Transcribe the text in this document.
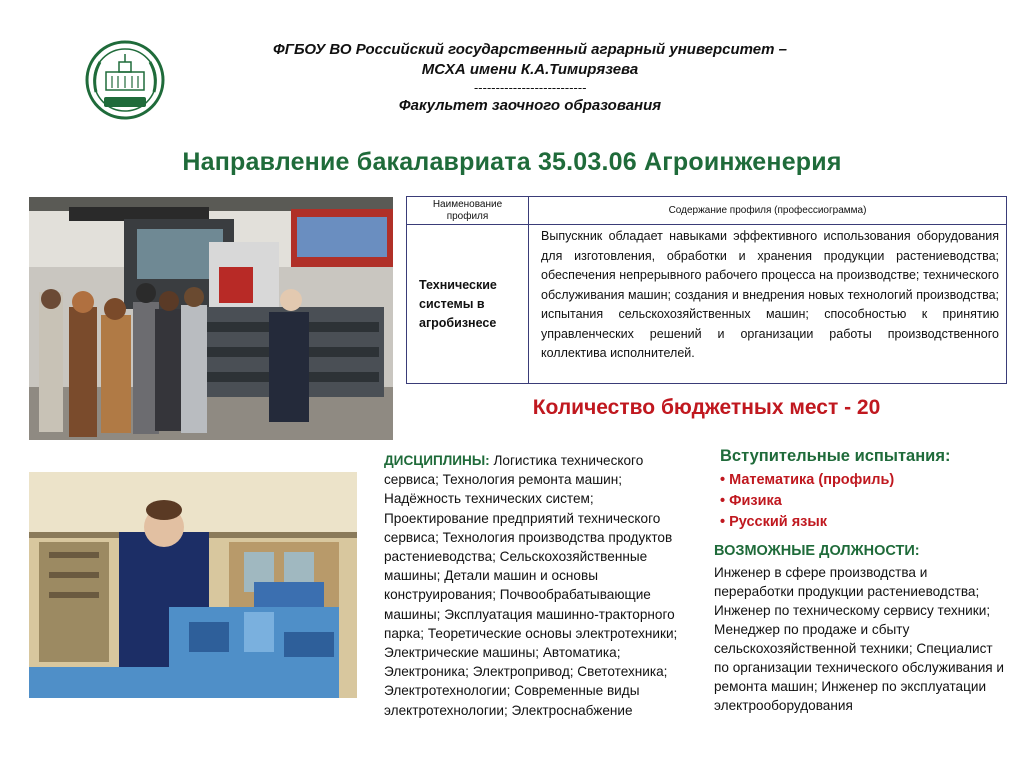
ФГБОУ ВО Российский государственный аграрный университет –
МСХА имени К.А.Тимирязева
--------------------------
Факультет заочного образования
Направление бакалавриата 35.03.06 Агроинженерия
Наименование профиля	Содержание профиля (профессиограмма)
Технические системы в агробизнесе	Выпускник обладает навыками эффективного использования оборудования для изготовления, обработки и хранения продукции растениеводства; обеспечения непрерывного рабочего процесса на производстве; технического обслуживания машин; создания и внедрения новых технологий производства; испытания сельскохозяйственных машин; способностью к принятию управленческих решений и организации работы производственного коллектива исполнителей.
Количество бюджетных мест - 20
ДИСЦИПЛИНЫ: Логистика технического сервиса; Технология ремонта машин; Надёжность технических систем; Проектирование предприятий технического сервиса; Технология производства продуктов растениеводства; Сельскохозяйственные машины; Детали машин и основы конструирования; Почвообрабатывающие машины; Эксплуатация машинно-тракторного парка; Теоретические основы электротехники; Электрические машины; Автоматика; Электроника; Электропривод; Светотехника; Электротехнологии; Современные виды электротехнологии; Электроснабжение
Вступительные испытания:
• Математика (профиль)
• Физика
• Русский язык
ВОЗМОЖНЫЕ ДОЛЖНОСТИ:
Инженер в сфере производства и переработки продукции растениеводства; Инженер по техническому сервису техники; Менеджер по продаже и сбыту сельскохозяйственной техники; Специалист по организации технического обслуживания и ремонта машин; Инженер по эксплуатации электрооборудования
